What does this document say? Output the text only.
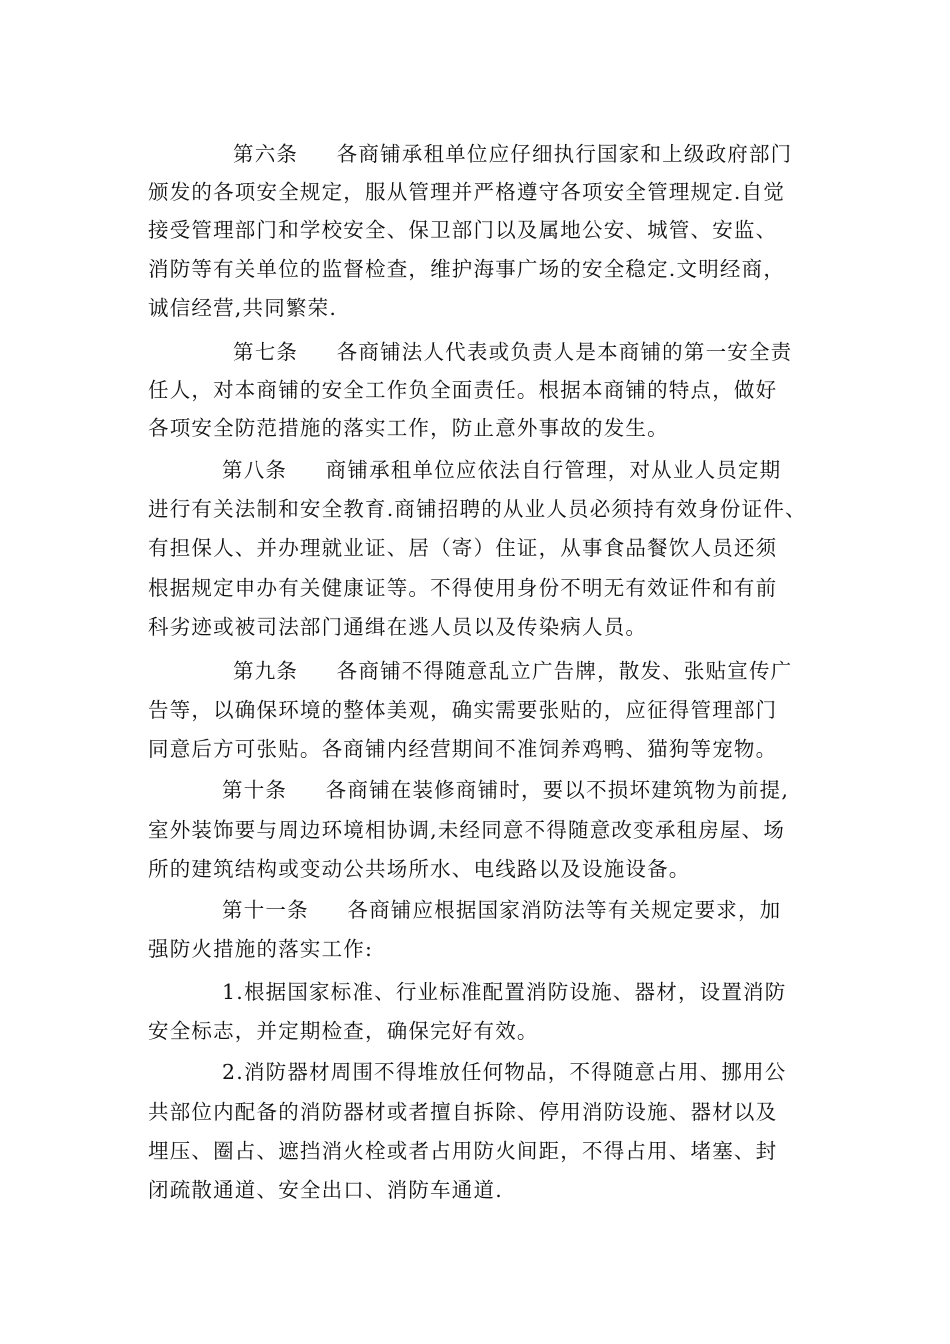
第六条     各商铺承租单位应仔细执行国家和上级政府部门

颁发的各项安全规定，服从管理并严格遵守各项安全管理规定.自觉

接受管理部门和学校安全、保卫部门以及属地公安、城管、安监、

消防等有关单位的监督检查，维护海事广场的安全稳定.文明经商，

诚信经营,共同繁荣.

第七条     各商铺法人代表或负责人是本商铺的第一安全责

任人，对本商铺的安全工作负全面责任。根据本商铺的特点，做好

各项安全防范措施的落实工作，防止意外事故的发生。

第八条     商铺承租单位应依法自行管理，对从业人员定期

进行有关法制和安全教育.商铺招聘的从业人员必须持有效身份证件、

有担保人、并办理就业证、居（寄）住证，从事食品餐饮人员还须

根据规定申办有关健康证等。不得使用身份不明无有效证件和有前

科劣迹或被司法部门通缉在逃人员以及传染病人员。

第九条     各商铺不得随意乱立广告牌，散发、张贴宣传广

告等，以确保环境的整体美观，确实需要张贴的，应征得管理部门

同意后方可张贴。各商铺内经营期间不准饲养鸡鸭、猫狗等宠物。

第十条     各商铺在装修商铺时，要以不损坏建筑物为前提,

室外装饰要与周边环境相协调,未经同意不得随意改变承租房屋、场

所的建筑结构或变动公共场所水、电线路以及设施设备。

第十一条     各商铺应根据国家消防法等有关规定要求，加

强防火措施的落实工作:

1.根据国家标准、行业标准配置消防设施、器材，设置消防

安全标志，并定期检查，确保完好有效。

2.消防器材周围不得堆放任何物品，不得随意占用、挪用公

共部位内配备的消防器材或者擅自拆除、停用消防设施、器材以及

埋压、圈占、遮挡消火栓或者占用防火间距，不得占用、堵塞、封

闭疏散通道、安全出口、消防车通道.
